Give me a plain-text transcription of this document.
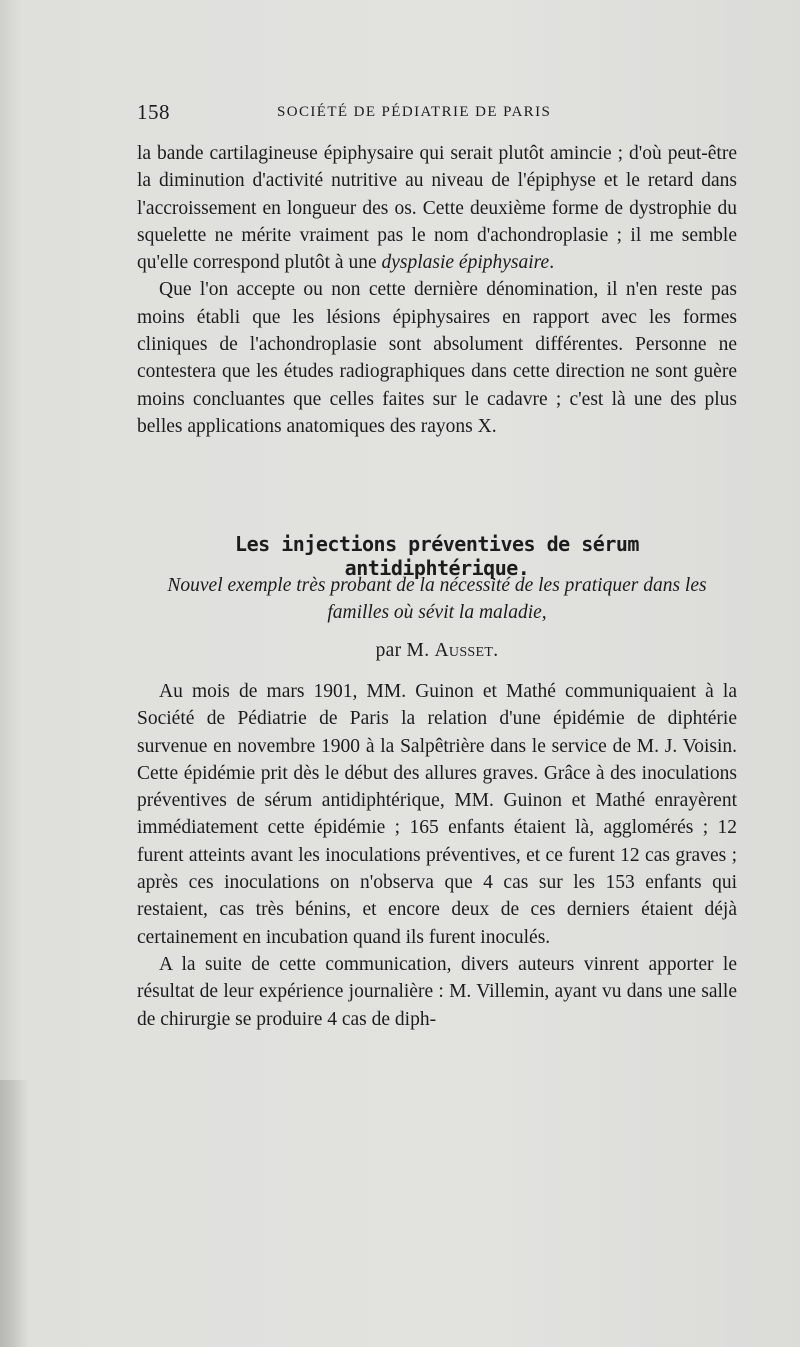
158	SOCIÉTÉ DE PÉDIATRIE DE PARIS

la bande cartilagineuse épiphysaire qui serait plutôt amincie ; d'où peut-être la diminution d'activité nutritive au niveau de l'épiphyse et le retard dans l'accroissement en longueur des os. Cette deuxième forme de dystrophie du squelette ne mérite vraiment pas le nom d'achondroplasie ; il me semble qu'elle correspond plutôt à une dysplasie épiphysaire.

Que l'on accepte ou non cette dernière dénomination, il n'en reste pas moins établi que les lésions épiphysaires en rapport avec les formes cliniques de l'achondroplasie sont absolument différentes. Personne ne contestera que les études radiographiques dans cette direction ne sont guère moins concluantes que celles faites sur le cadavre ; c'est là une des plus belles applications anatomiques des rayons X.

Les injections préventives de sérum antidiphtérique.
Nouvel exemple très probant de la nécessité de les pratiquer dans les familles où sévit la maladie,
par M. Ausset.

Au mois de mars 1901, MM. Guinon et Mathé communiquaient à la Société de Pédiatrie de Paris la relation d'une épidémie de diphtérie survenue en novembre 1900 à la Salpêtrière dans le service de M. J. Voisin. Cette épidémie prit dès le début des allures graves. Grâce à des inoculations préventives de sérum antidiphtérique, MM. Guinon et Mathé enrayèrent immédiatement cette épidémie ; 165 enfants étaient là, agglomérés ; 12 furent atteints avant les inoculations préventives, et ce furent 12 cas graves ; après ces inoculations on n'observa que 4 cas sur les 153 enfants qui restaient, cas très bénins, et encore deux de ces derniers étaient déjà certainement en incubation quand ils furent inoculés.

A la suite de cette communication, divers auteurs vinrent apporter le résultat de leur expérience journalière : M. Villemin, ayant vu dans une salle de chirurgie se produire 4 cas de diph-
